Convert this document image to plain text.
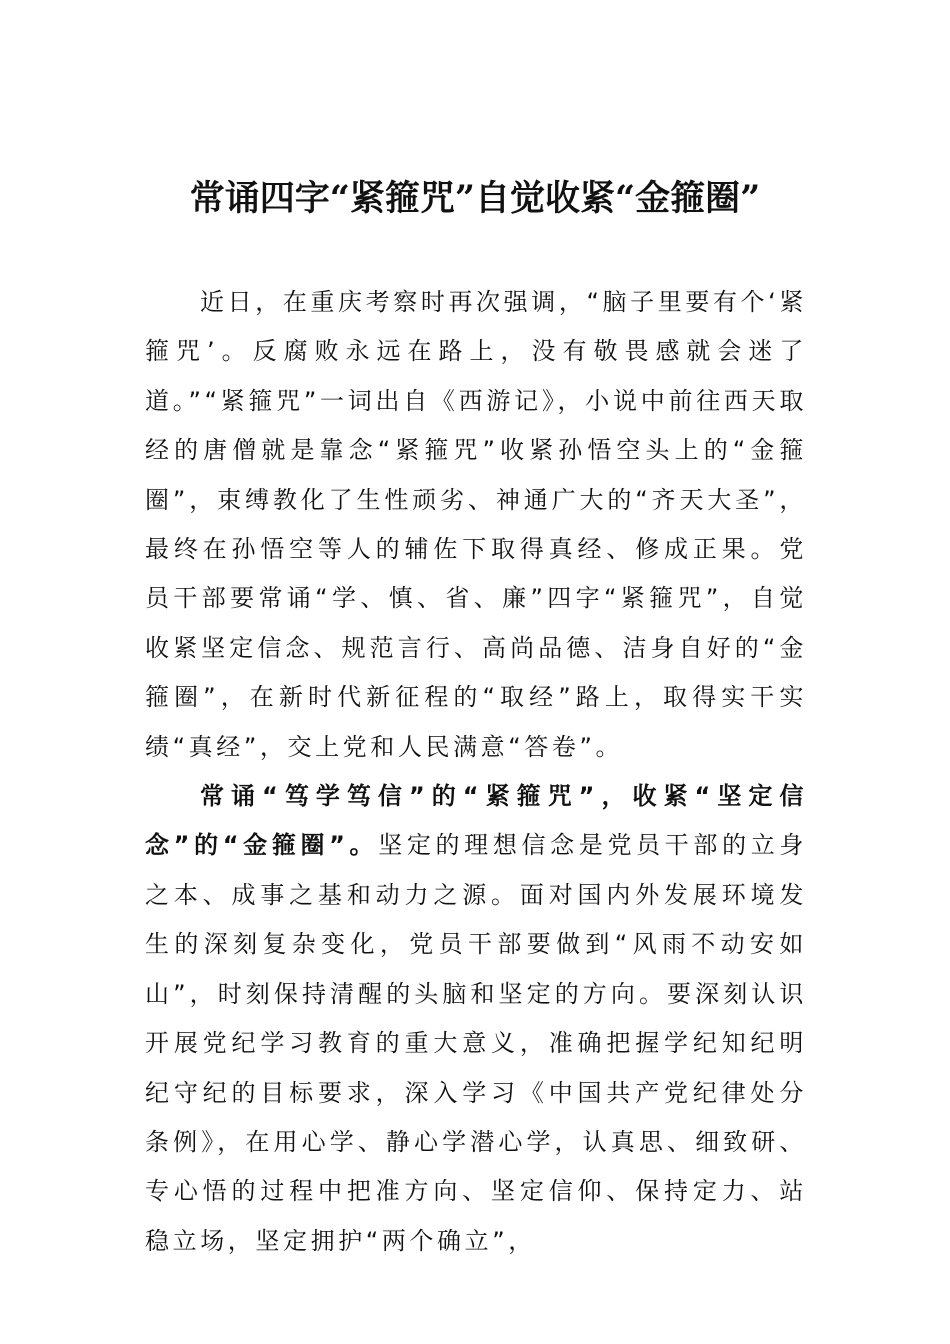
常诵四字“紧箍咒”自觉收紧“金箍圈”

近日，在重庆考察时再次强调，“脑子里要有个‘紧箍咒’。反腐败永远在路上，没有敬畏感就会迷了道。”“紧箍咒”一词出自《西游记》，小说中前往西天取经的唐僧就是靠念“紧箍咒”收紧孙悟空头上的“金箍圈”，束缚教化了生性顽劣、神通广大的“齐天大圣”，最终在孙悟空等人的辅佐下取得真经、修成正果。党员干部要常诵“学、慎、省、廉”四字“紧箍咒”，自觉收紧坚定信念、规范言行、高尚品德、洁身自好的“金箍圈”，在新时代新征程的“取经”路上，取得实干实绩“真经”，交上党和人民满意“答卷”。

常诵“笃学笃信”的“紧箍咒”，收紧“坚定信念”的“金箍圈”。坚定的理想信念是党员干部的立身之本、成事之基和动力之源。面对国内外发展环境发生的深刻复杂变化，党员干部要做到“风雨不动安如山”，时刻保持清醒的头脑和坚定的方向。要深刻认识开展党纪学习教育的重大意义，准确把握学纪知纪明纪守纪的目标要求，深入学习《中国共产党纪律处分条例》，在用心学、静心学潜心学，认真思、细致研、专心悟的过程中把准方向、坚定信仰、保持定力、站稳立场，坚定拥护“两个确立”，
